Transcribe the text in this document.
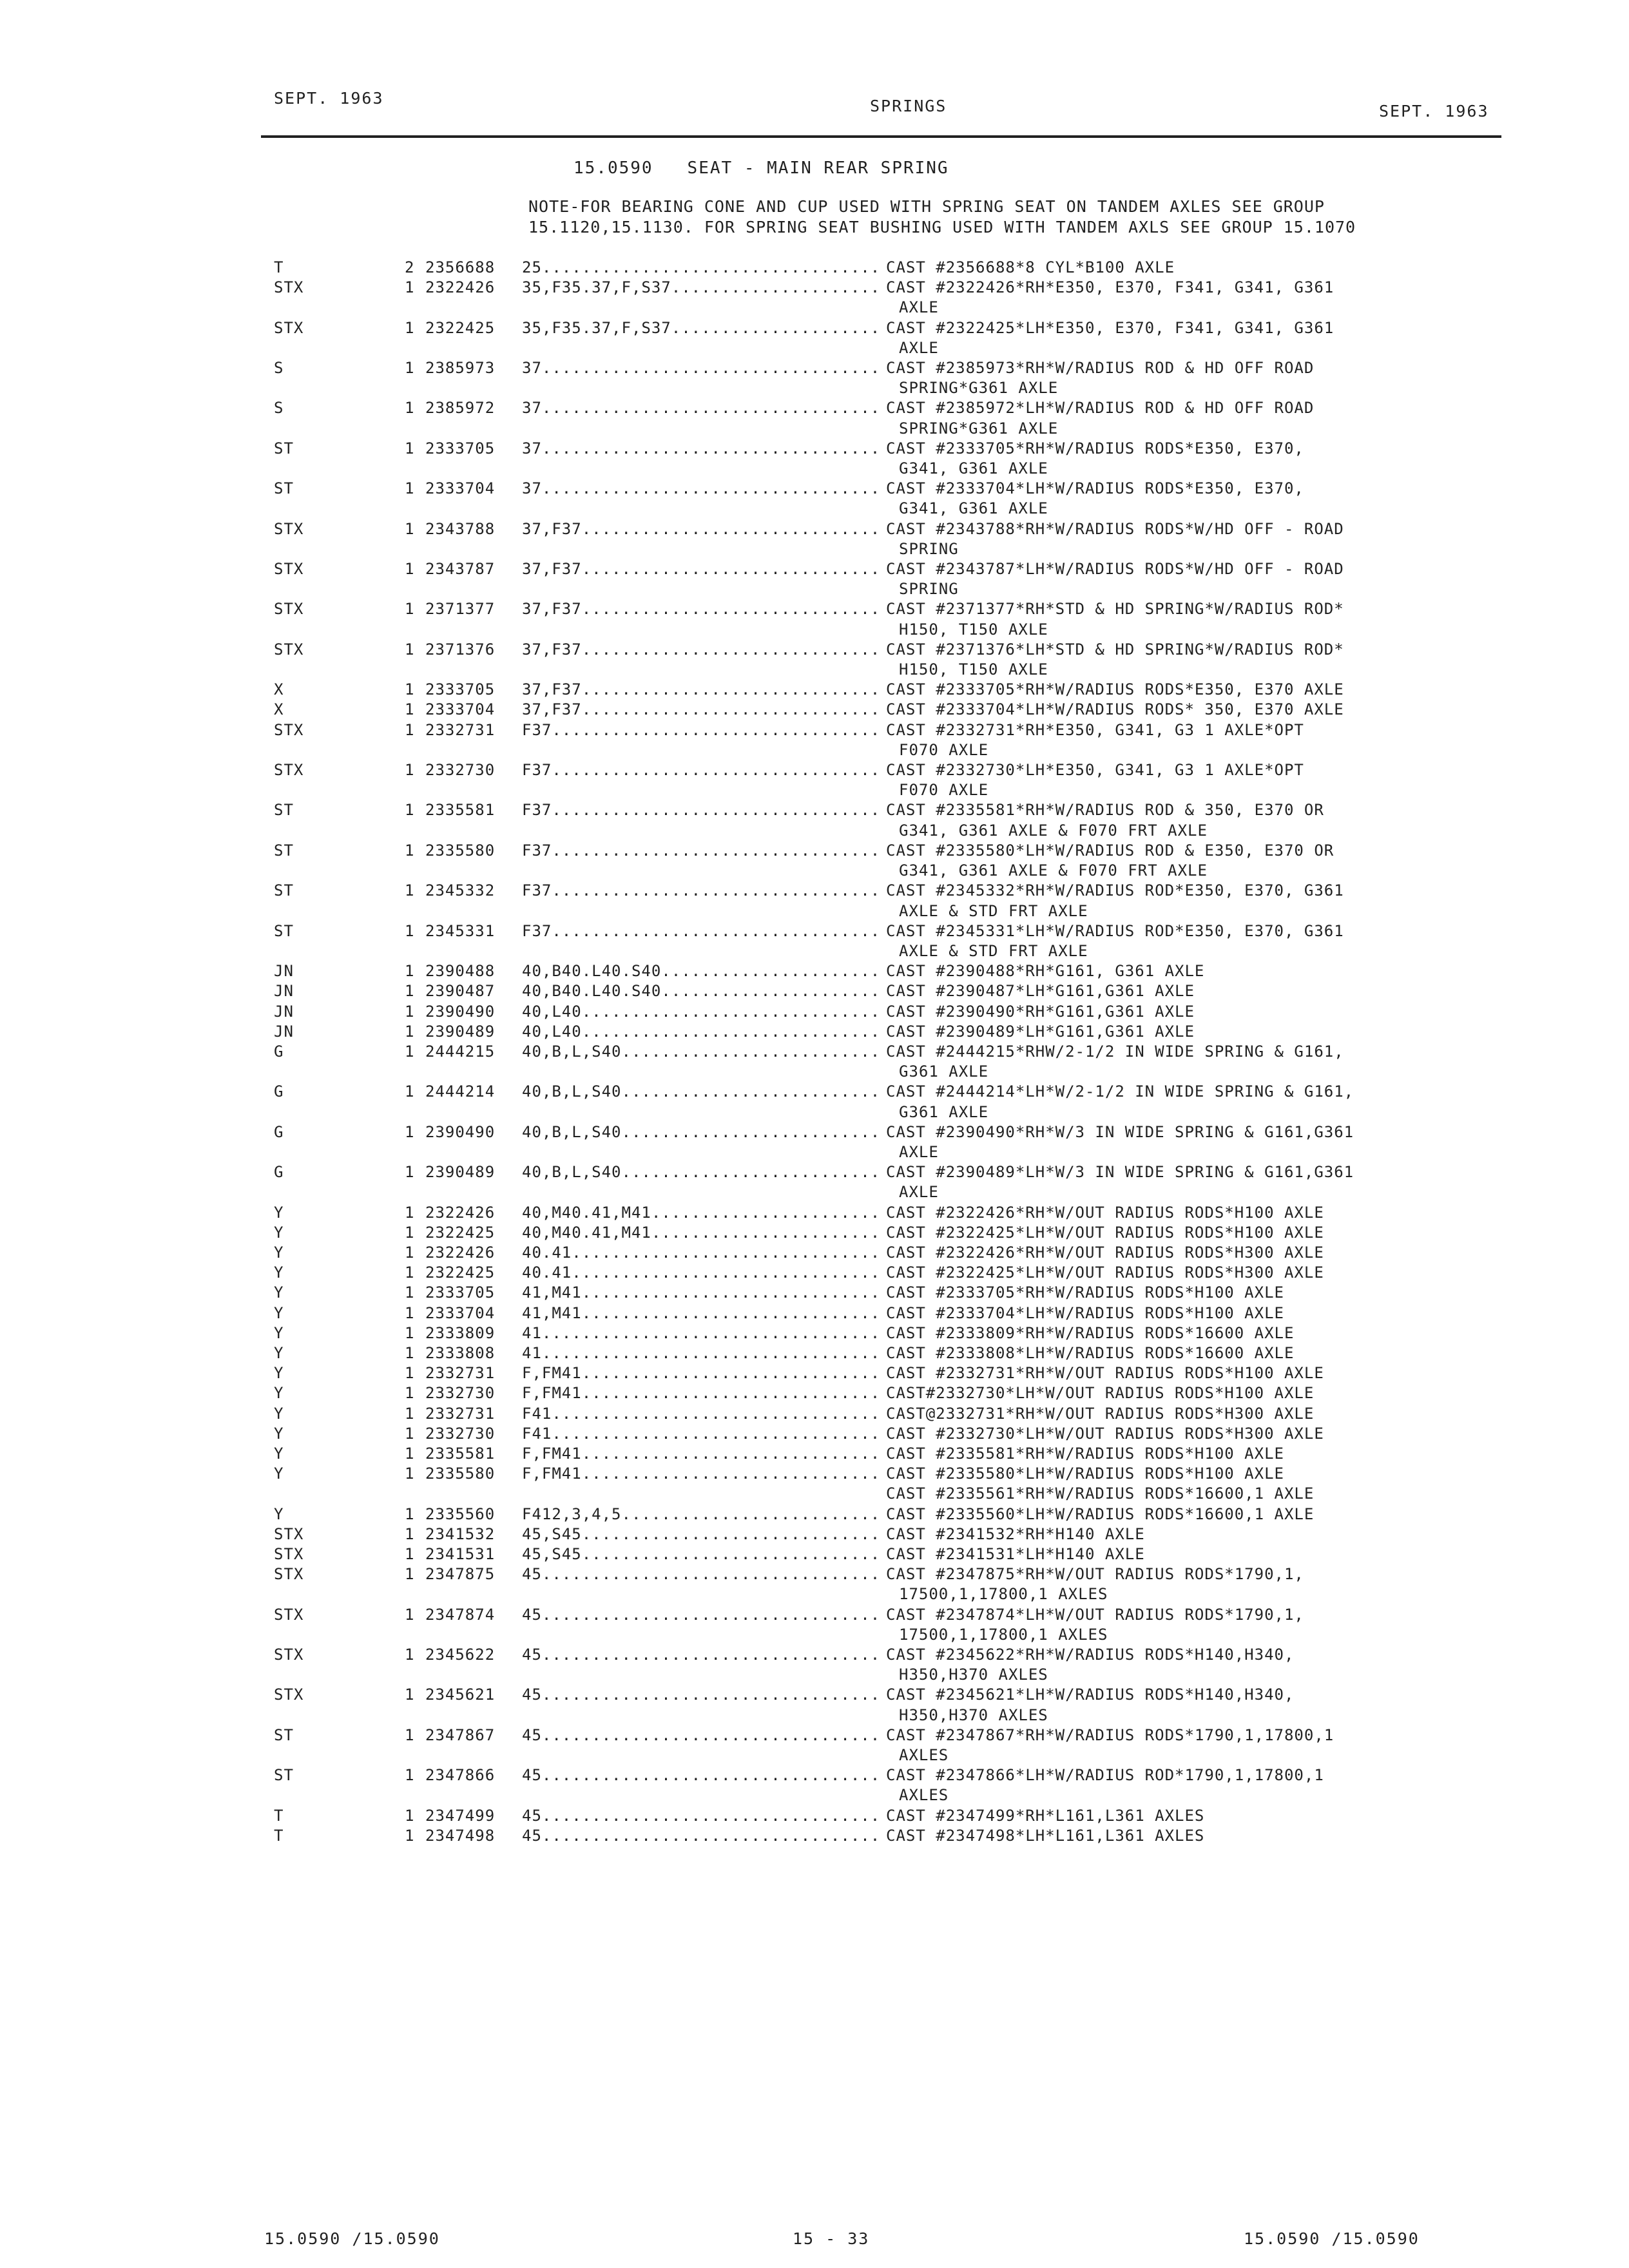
SEPT. 1963	SPRINGS	SEPT. 1963
15.0590 SEAT - MAIN REAR SPRING
NOTE-FOR BEARING CONE AND CUP USED WITH SPRING SEAT ON TANDEM AXLES SEE GROUP
15.1120,15.1130. FOR SPRING SEAT BUSHING USED WITH TANDEM AXLS SEE GROUP 15.1070
T	2 2356688 25 .....	CAST #2356688*8 CYL*B100 AXLE
STX	1 2322426 35,F35.37,F,S37 .....	CAST #2322426*RH*E350, E370, F341, G341, G361
AXLE
STX	1 2322425 35,F35.37,F,S37 .....	CAST #2322425*LH*E350, E370, F341, G341, G361
AXLE
S	1 2385973 37 .....	CAST #2385973*RH*W/RADIUS ROD & HD OFF ROAD
SPRING*G361 AXLE
S	1 2385972 37 .....	CAST #2385972*LH*W/RADIUS ROD & HD OFF ROAD
SPRING*G361 AXLE
ST	1 2333705 37 .....	CAST #2333705*RH*W/RADIUS RODS*E350, E370,
G341, G361 AXLE
ST	1 2333704 37 .....	CAST #2333704*LH*W/RADIUS RODS*E350, E370,
G341, G361 AXLE
STX	1 2343788 37,F37 .....	CAST #2343788*RH*W/RADIUS RODS*W/HD OFF - ROAD
SPRING
STX	1 2343787 37,F37 .....	CAST #2343787*LH*W/RADIUS RODS*W/HD OFF - ROAD
SPRING
STX	1 2371377 37,F37 .....	CAST #2371377*RH*STD & HD SPRING*W/RADIUS ROD*
H150, T150 AXLE
STX	1 2371376 37,F37 .....	CAST #2371376*LH*STD & HD SPRING*W/RADIUS ROD*
H150, T150 AXLE
X	1 2333705 37,F37 .....	CAST #2333705*RH*W/RADIUS RODS*E350, E370 AXLE
X	1 2333704 37,F37 .....	CAST #2333704*LH*W/RADIUS RODS* 350, E370 AXLE
STX	1 2332731 F37 .....	CAST #2332731*RH*E350, G341, G3 1 AXLE*OPT
F070 AXLE
STX	1 2332730 F37 .....	CAST #2332730*LH*E350, G341, G3 1 AXLE*OPT
F070 AXLE
ST	1 2335581 F37 .....	CAST #2335581*RH*W/RADIUS ROD & 350, E370 OR
G341, G361 AXLE & F070 FRT AXLE
ST	1 2335580 F37 .....	CAST #2335580*LH*W/RADIUS ROD & E350, E370 OR
G341, G361 AXLE & F070 FRT AXLE
ST	1 2345332 F37 .....	CAST #2345332*RH*W/RADIUS ROD*E350, E370, G361
AXLE & STD FRT AXLE
ST	1 2345331 F37 .....	CAST #2345331*LH*W/RADIUS ROD*E350, E370, G361
AXLE & STD FRT AXLE
JN	1 2390488 40,B40.L40.S40 .....	CAST #2390488*RH*G161, G361 AXLE
JN	1 2390487 40,B40.L40.S40 .....	CAST #2390487*LH*G161,G361 AXLE
JN	1 2390490 40,L40 .....	CAST #2390490*RH*G161,G361 AXLE
JN	1 2390489 40,L40 .....	CAST #2390489*LH*G161,G361 AXLE
G	1 2444215 40,B,L,S40 .....	CAST #2444215*RHW/2-1/2 IN WIDE SPRING & G161,
G361 AXLE
G	1 2444214 40,B,L,S40 .....	CAST #2444214*LH*W/2-1/2 IN WIDE SPRING & G161,
G361 AXLE
G	1 2390490 40,B,L,S40 .....	CAST #2390490*RH*W/3 IN WIDE SPRING & G161,G361
AXLE
G	1 2390489 40,B,L,S40 .....	CAST #2390489*LH*W/3 IN WIDE SPRING & G161,G361
AXLE
Y	1 2322426 40,M40.41,M41 .....	CAST #2322426*RH*W/OUT RADIUS RODS*H100 AXLE
Y	1 2322425 40,M40.41,M41 .....	CAST #2322425*LH*W/OUT RADIUS RODS*H100 AXLE
Y	1 2322426 40.41 .....	CAST #2322426*RH*W/OUT RADIUS RODS*H300 AXLE
Y	1 2322425 40.41 .....	CAST #2322425*LH*W/OUT RADIUS RODS*H300 AXLE
Y	1 2333705 41,M41 .....	CAST #2333705*RH*W/RADIUS RODS*H100 AXLE
Y	1 2333704 41,M41 .....	CAST #2333704*LH*W/RADIUS RODS*H100 AXLE
Y	1 2333809 41 .....	CAST #2333809*RH*W/RADIUS RODS*16600 AXLE
Y	1 2333808 41 .....	CAST #2333808*LH*W/RADIUS RODS*16600 AXLE
Y	1 2332731 F,FM41 .....	CAST #2332731*RH*W/OUT RADIUS RODS*H100 AXLE
Y	1 2332730 F,FM41 .....	CAST#2332730*LH*W/OUT RADIUS RODS*H100 AXLE
Y	1 2332731 F41 .....	CAST@2332731*RH*W/OUT RADIUS RODS*H300 AXLE
Y	1 2332730 F41 .....	CAST #2332730*LH*W/OUT RADIUS RODS*H300 AXLE
Y	1 2335581 F,FM41 .....	CAST #2335581*RH*W/RADIUS RODS*H100 AXLE
Y	1 2335580 F,FM41 .....	CAST #2335580*LH*W/RADIUS RODS*H100 AXLE
CAST #2335561*RH*W/RADIUS RODS*16600,1 AXLE
Y	1 2335560 F412,3,4,5 .....	CAST #2335560*LH*W/RADIUS RODS*16600,1 AXLE
STX	1 2341532 45,S45 .....	CAST #2341532*RH*H140 AXLE
STX	1 2341531 45,S45 .....	CAST #2341531*LH*H140 AXLE
STX	1 2347875 45 .....	CAST #2347875*RH*W/OUT RADIUS RODS*1790,1,
17500,1,17800,1 AXLES
STX	1 2347874 45 .....	CAST #2347874*LH*W/OUT RADIUS RODS*1790,1,
17500,1,17800,1 AXLES
STX	1 2345622 45 .....	CAST #2345622*RH*W/RADIUS RODS*H140,H340,
H350,H370 AXLES
STX	1 2345621 45 .....	CAST #2345621*LH*W/RADIUS RODS*H140,H340,
H350,H370 AXLES
ST	1 2347867 45 .....	CAST #2347867*RH*W/RADIUS RODS*1790,1,17800,1
AXLES
ST	1 2347866 45 .....	CAST #2347866*LH*W/RADIUS ROD*1790,1,17800,1
AXLES
T	1 2347499 45 .....	CAST #2347499*RH*L161,L361 AXLES
T	1 2347498 45 .....	CAST #2347498*LH*L161,L361 AXLES
15.0590 /15.0590	15 - 33	15.0590 /15.0590
